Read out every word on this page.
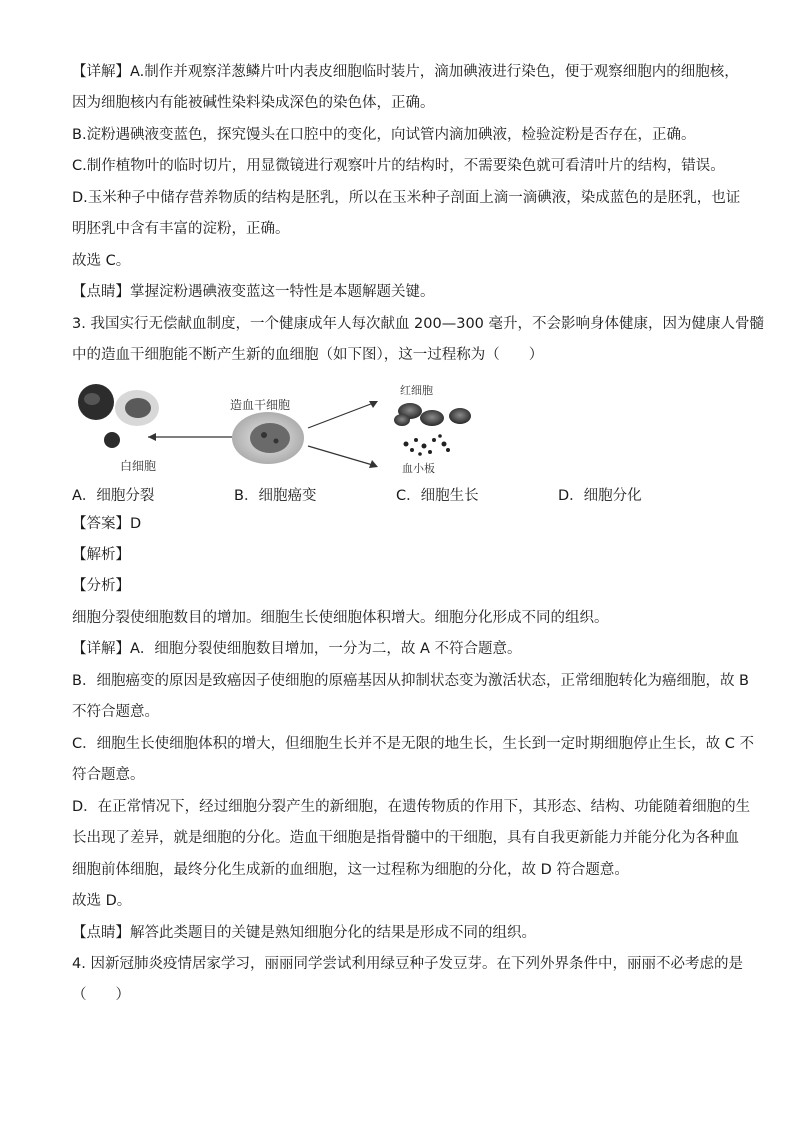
【详解】A.制作并观察洋葱鳞片叶内表皮细胞临时装片，滴加碘液进行染色，便于观察细胞内的细胞核，
因为细胞核内有能被碱性染料染成深色的染色体，正确。
B.淀粉遇碘液变蓝色，探究馒头在口腔中的变化，向试管内滴加碘液，检验淀粉是否存在，正确。
C.制作植物叶的临时切片，用显微镜进行观察叶片的结构时，不需要染色就可看清叶片的结构，错误。
D.玉米种子中储存营养物质的结构是胚乳，所以在玉米种子剖面上滴一滴碘液，染成蓝色的是胚乳，也证
明胚乳中含有丰富的淀粉，正确。
故选 C。
【点睛】掌握淀粉遇碘液变蓝这一特性是本题解题关键。
3. 我国实行无偿献血制度，一个健康成年人每次献血 200—300 毫升，不会影响身体健康，因为健康人骨髓
中的造血干细胞能不断产生新的血细胞（如下图），这一过程称为（　　）
白细胞
造血干细胞
红细胞
血小板
A．细胞分裂	B．细胞癌变	C．细胞生长	D．细胞分化
【答案】D
【解析】
【分析】
细胞分裂使细胞数目的增加。细胞生长使细胞体积增大。细胞分化形成不同的组织。
【详解】A．细胞分裂使细胞数目增加，一分为二，故 A 不符合题意。
B．细胞癌变的原因是致癌因子使细胞的原癌基因从抑制状态变为激活状态，正常细胞转化为癌细胞，故 B
不符合题意。
C．细胞生长使细胞体积的增大，但细胞生长并不是无限的地生长，生长到一定时期细胞停止生长，故 C 不
符合题意。
D．在正常情况下，经过细胞分裂产生的新细胞，在遗传物质的作用下，其形态、结构、功能随着细胞的生
长出现了差异，就是细胞的分化。造血干细胞是指骨髓中的干细胞，具有自我更新能力并能分化为各种血
细胞前体细胞，最终分化生成新的血细胞，这一过程称为细胞的分化，故 D 符合题意。
故选 D。
【点睛】解答此类题目的关键是熟知细胞分化的结果是形成不同的组织。
4. 因新冠肺炎疫情居家学习，丽丽同学尝试利用绿豆种子发豆芽。在下列外界条件中，丽丽不必考虑的是
（　　）
